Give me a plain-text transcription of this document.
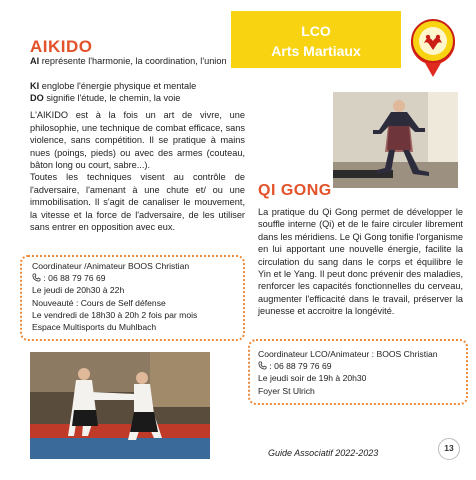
LCO
Arts Martiaux
AIKIDO
AI représente l'harmonie, la coordination, l'union
KI englobe l'énergie physique et mentale
DO signifie l'étude, le chemin, la voie
L'AIKIDO est à la fois un art de vivre, une philosophie, une technique de combat efficace, sans violence, sans compétition. Il se pratique à mains nues (poings, pieds) ou avec des armes (couteau, bâton long ou court, sabre...).
Toutes les techniques visent au contrôle de l'adversaire, l'amenant à une chute et/ ou une immobilisation. Il s'agit de canaliser le mouvement, la vitesse et la force de l'adversaire, de les utiliser sans entrer en opposition avec eux.
Coordinateur /Animateur BOOS Christian
: 06 88 79 76 69
Le jeudi de 20h30 à 22h
Nouveauté : Cours de Self défense
Le vendredi de 18h30 à 20h 2 fois par mois
Espace Multisports du Muhlbach
QI GONG
La pratique du Qi Gong permet de développer le souffle interne (Qi) et de le faire circuler librement dans les méridiens. Le Qi Gong tonifie l'organisme en lui apportant une nouvelle énergie, facilite la circulation du sang dans le corps et équilibre le Yin et le Yang. Il peut donc prévenir des maladies, renforcer les capacités fonctionnelles du cerveau, augmenter l'efficacité dans le travail, préserver la jeunesse et accroitre la longévité.
Coordinateur LCO/Animateur : BOOS Christian
: 06 88 79 76 69
Le jeudi soir de 19h à 20h30
Foyer St Ulrich
Guide Associatif 2022-2023	13
